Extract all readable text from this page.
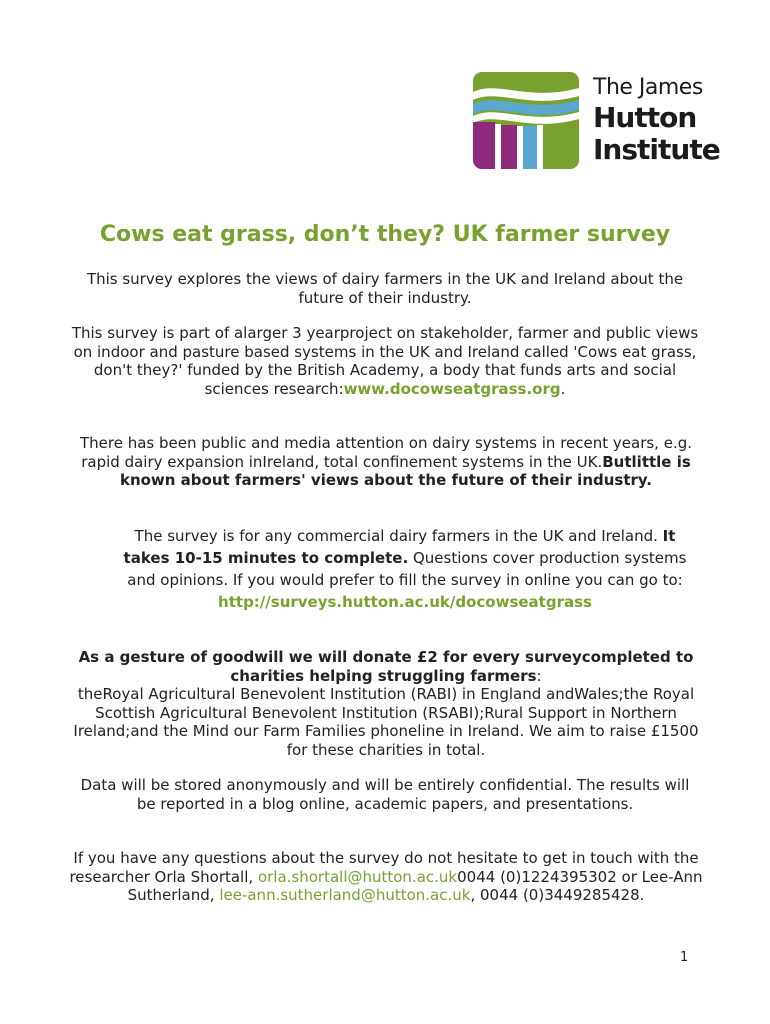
The James
Hutton
Institute
Cows eat grass, don’t they? UK farmer survey

This survey explores the views of dairy farmers in the UK and Ireland about the future of their industry.

This survey is part of alarger 3 yearproject on stakeholder, farmer and public views on indoor and pasture based systems in the UK and Ireland called 'Cows eat grass, don't they?' funded by the British Academy, a body that funds arts and social sciences research:www.docowseatgrass.org.

There has been public and media attention on dairy systems in recent years, e.g. rapid dairy expansion inIreland, total confinement systems in the UK.Butlittle is known about farmers' views about the future of their industry.

The survey is for any commercial dairy farmers in the UK and Ireland. It takes 10-15 minutes to complete. Questions cover production systems and opinions. If you would prefer to fill the survey in online you can go to:
http://surveys.hutton.ac.uk/docowseatgrass

As a gesture of goodwill we will donate £2 for every surveycompleted to charities helping struggling farmers:
theRoyal Agricultural Benevolent Institution (RABI) in England andWales;the Royal Scottish Agricultural Benevolent Institution (RSABI);Rural Support in Northern Ireland;and the Mind our Farm Families phoneline in Ireland. We aim to raise £1500 for these charities in total.

Data will be stored anonymously and will be entirely confidential. The results will be reported in a blog online, academic papers, and presentations.

If you have any questions about the survey do not hesitate to get in touch with the researcher Orla Shortall, orla.shortall@hutton.ac.uk0044 (0)1224395302 or Lee-Ann Sutherland, lee-ann.sutherland@hutton.ac.uk, 0044 (0)3449285428.

1
